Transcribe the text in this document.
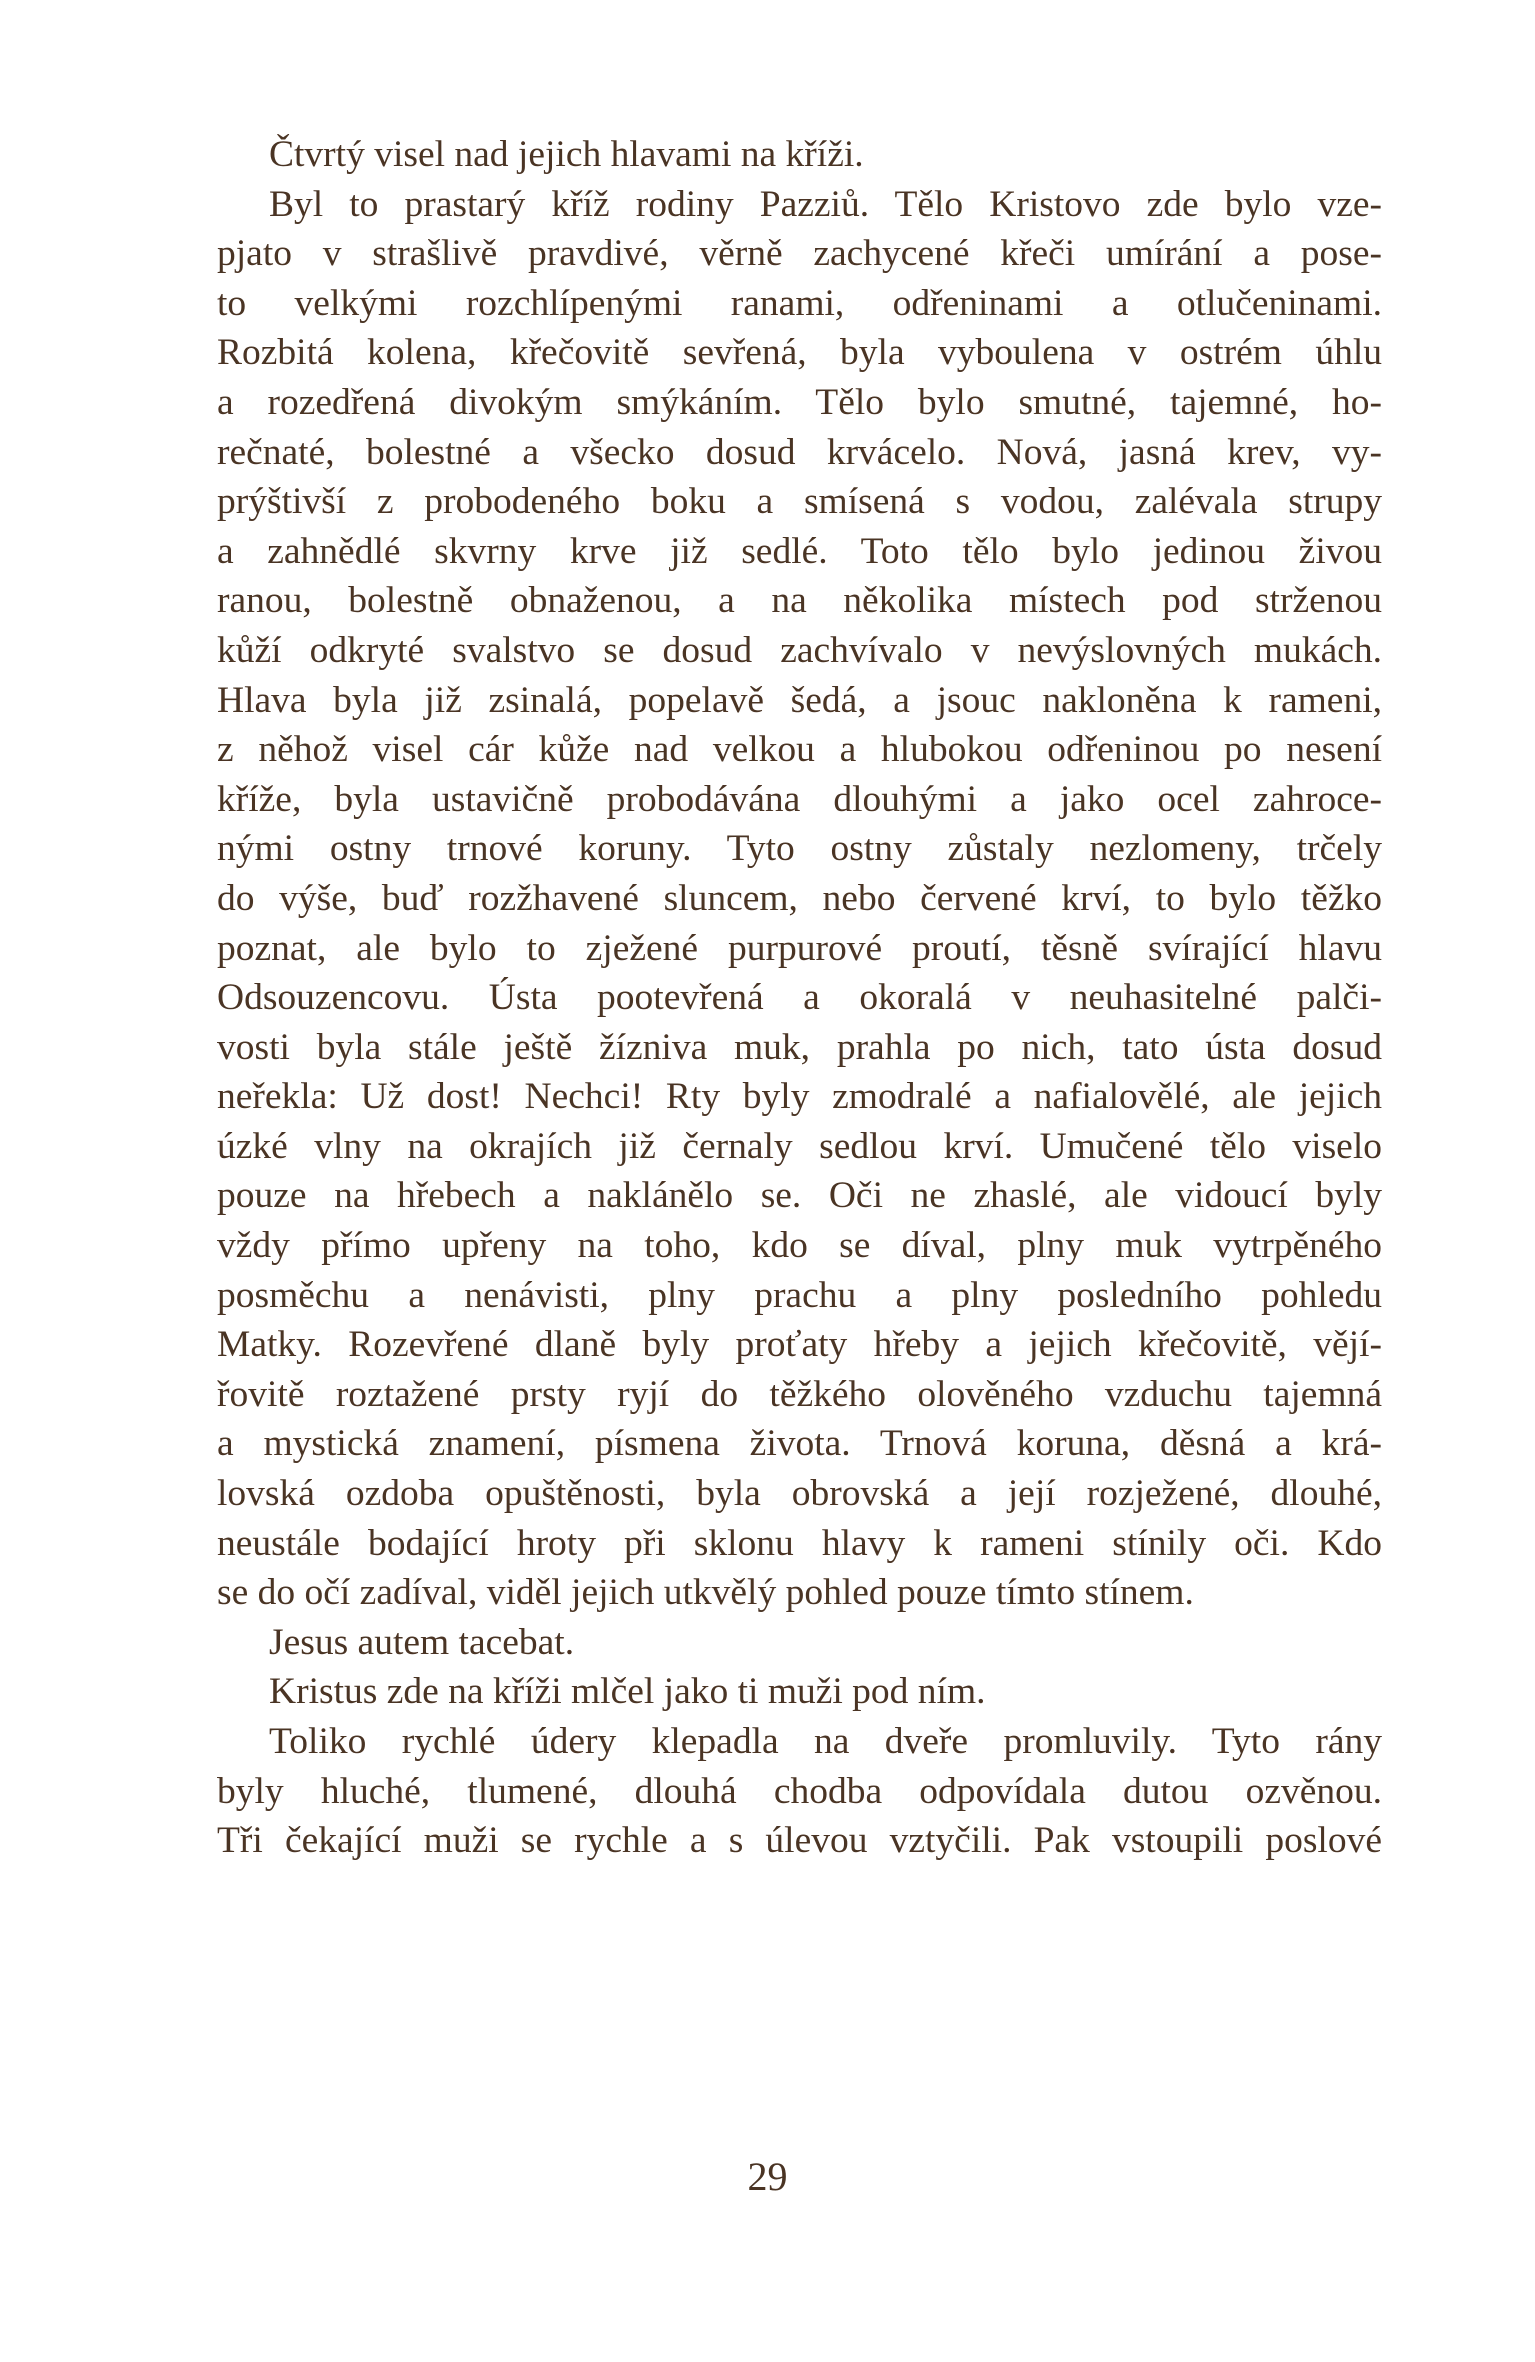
Čtvrtý visel nad jejich hlavami na kříži.
Byl to prastarý kříž rodiny Pazziů. Tělo Kristovo zde bylo vze-
pjato v strašlivě pravdivé, věrně zachycené křeči umírání a pose-
to velkými rozchlípenými ranami, odřeninami a otlučeninami.
Rozbitá kolena, křečovitě sevřená, byla vyboulena v ostrém úhlu
a rozedřená divokým smýkáním. Tělo bylo smutné, tajemné, ho-
rečnaté, bolestné a všecko dosud krvácelo. Nová, jasná krev, vy-
prýštivší z probodeného boku a smísená s vodou, zalévala strupy
a zahnědlé skvrny krve již sedlé. Toto tělo bylo jedinou živou
ranou, bolestně obnaženou, a na několika místech pod strženou
kůží odkryté svalstvo se dosud zachvívalo v nevýslovných mukách.
Hlava byla již zsinalá, popelavě šedá, a jsouc nakloněna k rameni,
z něhož visel cár kůže nad velkou a hlubokou odřeninou po nesení
kříže, byla ustavičně probodávána dlouhými a jako ocel zahroce-
nými ostny trnové koruny. Tyto ostny zůstaly nezlomeny, trčely
do výše, buď rozžhavené sluncem, nebo červené krví, to bylo těžko
poznat, ale bylo to zježené purpurové proutí, těsně svírající hlavu
Odsouzencovu. Ústa pootevřená a okoralá v neuhasitelné palči-
vosti byla stále ještě žízniva muk, prahla po nich, tato ústa dosud
neřekla: Už dost! Nechci! Rty byly zmodralé a nafialovělé, ale jejich
úzké vlny na okrajích již černaly sedlou krví. Umučené tělo viselo
pouze na hřebech a naklánělo se. Oči ne zhaslé, ale vidoucí byly
vždy přímo upřeny na toho, kdo se díval, plny muk vytrpěného
posměchu a nenávisti, plny prachu a plny posledního pohledu
Matky. Rozevřené dlaně byly proťaty hřeby a jejich křečovitě, vějí-
řovitě roztažené prsty ryjí do těžkého olověného vzduchu tajemná
a mystická znamení, písmena života. Trnová koruna, děsná a krá-
lovská ozdoba opuštěnosti, byla obrovská a její rozježené, dlouhé,
neustále bodající hroty při sklonu hlavy k rameni stínily oči. Kdo
se do očí zadíval, viděl jejich utkvělý pohled pouze tímto stínem.
Jesus autem tacebat.
Kristus zde na kříži mlčel jako ti muži pod ním.
Toliko rychlé údery klepadla na dveře promluvily. Tyto rány
byly hluché, tlumené, dlouhá chodba odpovídala dutou ozvěnou.
Tři čekající muži se rychle a s úlevou vztyčili. Pak vstoupili poslové
29
